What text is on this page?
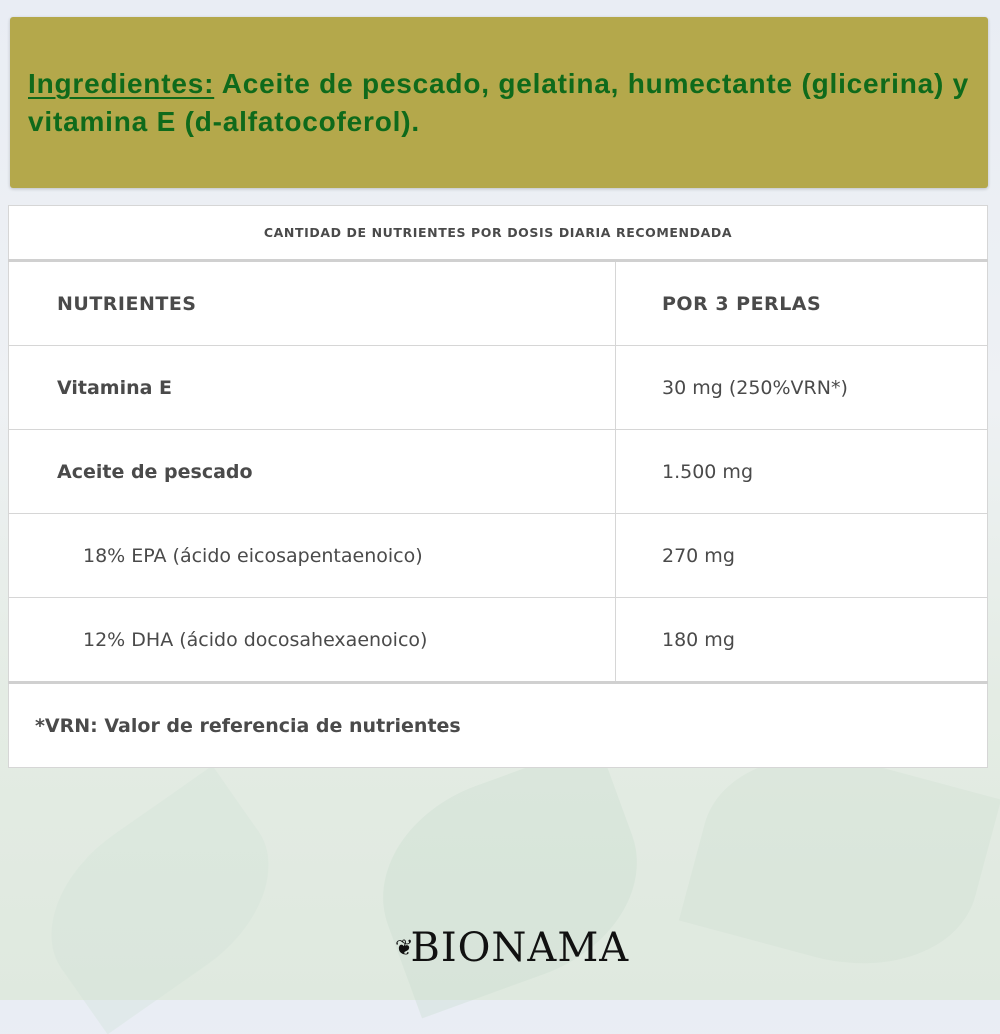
Ingredientes: Aceite de pescado, gelatina, humectante (glicerina) y vitamina E (d-alfatocoferol).

CANTIDAD DE NUTRIENTES POR DOSIS DIARIA RECOMENDADA	
NUTRIENTES	POR 3 PERLAS
Vitamina E	30 mg (250%VRN*)
Aceite de pescado	1.500 mg
18% EPA (ácido eicosapentaenoico)	270 mg
12% DHA (ácido docosahexaenoico)	180 mg
*VRN: Valor de referencia de nutrientes	
❦
BIONAMA
